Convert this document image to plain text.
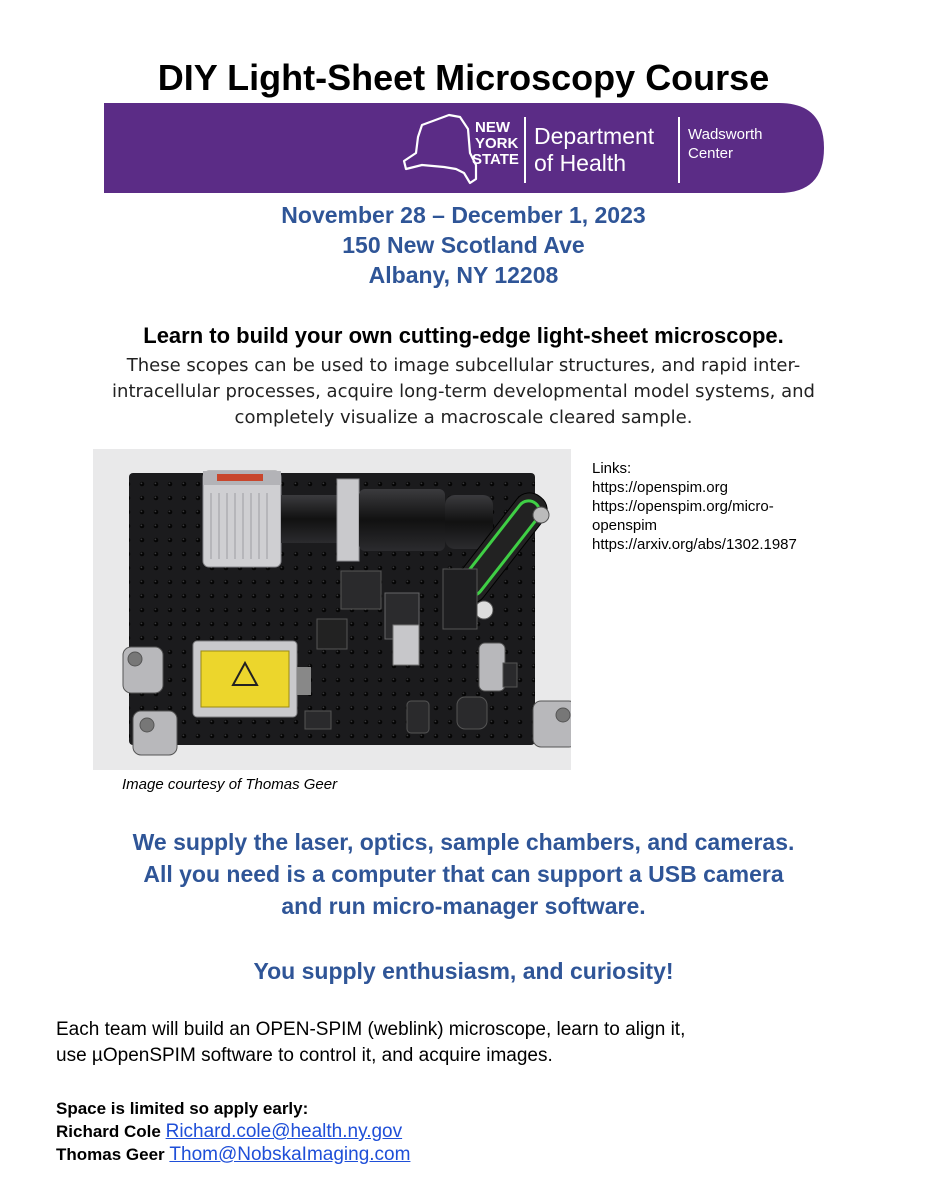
DIY Light-Sheet Microscopy Course
NEW
YORK
STATE
Department
of Health
Wadsworth
Center
November 28 – December 1, 2023
150 New Scotland Ave
Albany, NY 12208
Learn to build your own cutting-edge light-sheet microscope.
These scopes can be used to image subcellular structures, and rapid inter-
intracellular processes, acquire long-term developmental model systems, and
completely visualize a macroscale cleared sample.
Image courtesy of Thomas Geer
Links:
https://openspim.org
https://openspim.org/micro-
openspim
https://arxiv.org/abs/1302.1987
We supply the laser, optics, sample chambers, and cameras.
All you need is a computer that can support a USB camera
and run micro-manager software.
You supply enthusiasm, and curiosity!
Each team will build an OPEN-SPIM (weblink) microscope, learn to align it,
use µOpenSPIM software to control it, and acquire images.
Space is limited so apply early:
Richard Cole Richard.cole@health.ny.gov
Thomas Geer Thom@NobskaImaging.com
